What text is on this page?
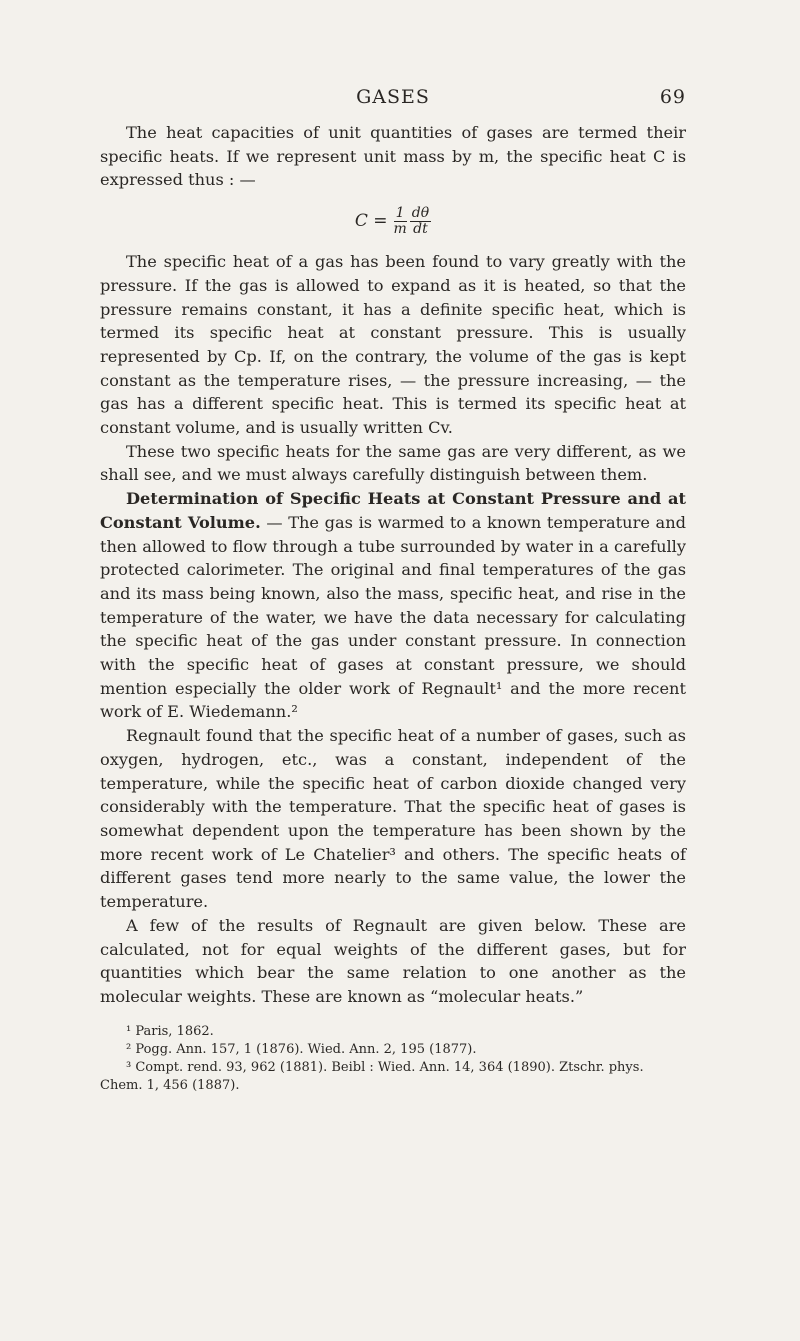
GASES	69

The heat capacities of unit quantities of gases are termed their specific heats. If we represent unit mass by m, the specific heat C is expressed thus : —

$C = \frac{1}{m} \frac{d\theta}{dt}$

The specific heat of a gas has been found to vary greatly with the pressure. If the gas is allowed to expand as it is heated, so that the pressure remains constant, it has a definite specific heat, which is termed its specific heat at constant pressure. This is usually represented by Cp. If, on the contrary, the volume of the gas is kept constant as the temperature rises, — the pressure increasing, — the gas has a different specific heat. This is termed its specific heat at constant volume, and is usually written Cv.

These two specific heats for the same gas are very different, as we shall see, and we must always carefully distinguish between them.

Determination of Specific Heats at Constant Pressure and at Constant Volume. — The gas is warmed to a known temperature and then allowed to flow through a tube surrounded by water in a carefully protected calorimeter. The original and final temperatures of the gas and its mass being known, also the mass, specific heat, and rise in the temperature of the water, we have the data necessary for calculating the specific heat of the gas under constant pressure. In connection with the specific heat of gases at constant pressure, we should mention especially the older work of Regnault¹ and the more recent work of E. Wiedemann.²

Regnault found that the specific heat of a number of gases, such as oxygen, hydrogen, etc., was a constant, independent of the temperature, while the specific heat of carbon dioxide changed very considerably with the temperature. That the specific heat of gases is somewhat dependent upon the temperature has been shown by the more recent work of Le Chatelier³ and others. The specific heats of different gases tend more nearly to the same value, the lower the temperature.

A few of the results of Regnault are given below. These are calculated, not for equal weights of the different gases, but for quantities which bear the same relation to one another as the molecular weights. These are known as “molecular heats.”

¹ Paris, 1862.

² Pogg. Ann. 157, 1 (1876). Wied. Ann. 2, 195 (1877).

³ Compt. rend. 93, 962 (1881). Beibl : Wied. Ann. 14, 364 (1890). Ztschr. phys. Chem. 1, 456 (1887).
